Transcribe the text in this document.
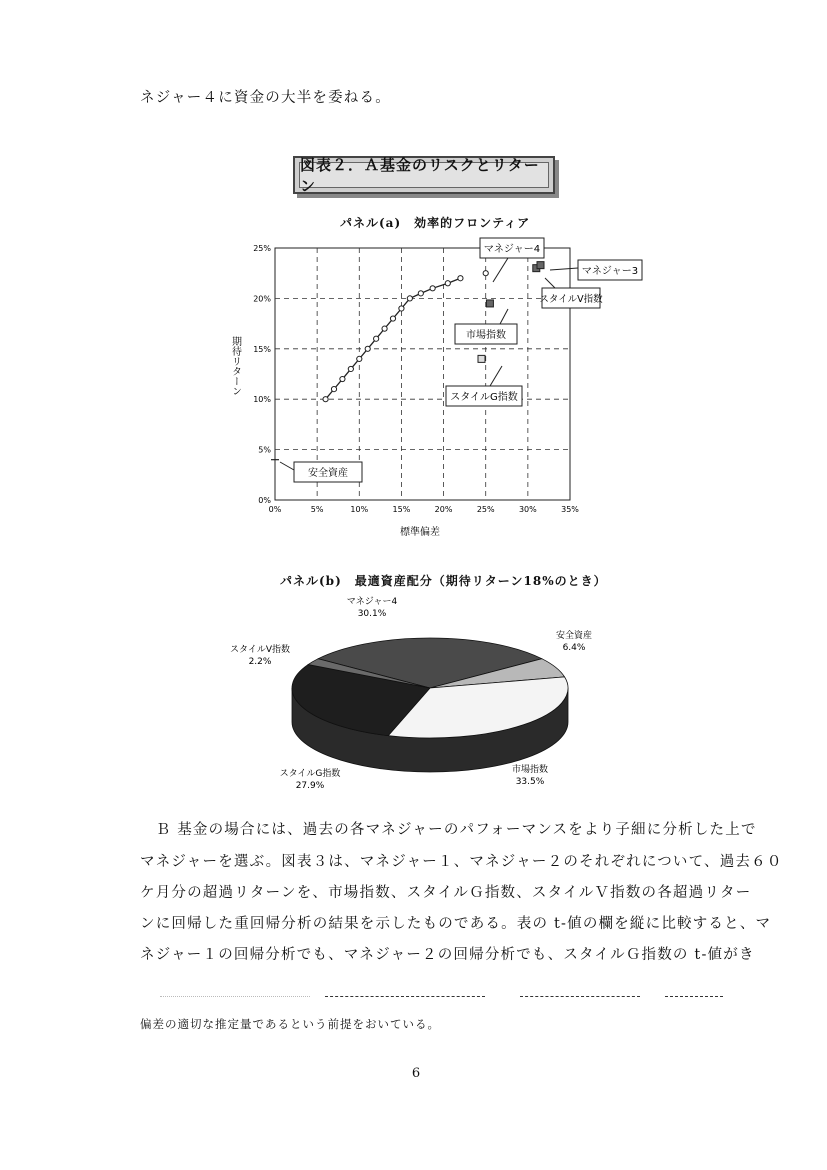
ネジャー４に資金の大半を委ねる。
図表２．Ａ基金のリスクとリターン
パネル(a)　効率的フロンティア
0%
5%
10%
15%
20%
25%
0%	5%	10%	15%	20%	25%	30%	35%
期待リターン
標準偏差
マネジャー4
マネジャー3
スタイルV指数
市場指数
スタイルG指数
安全資産
パネル(b)　最適資産配分（期待リターン18%のとき）
マネジャー4
30.1%
安全資産
6.4%
市場指数
33.5%
スタイルG指数
27.9%
スタイルV指数
2.2%
　Ｂ 基金の場合には、過去の各マネジャーのパフォーマンスをより子細に分析した上で
マネジャーを選ぶ。図表３は、マネジャー１、マネジャー２のそれぞれについて、過去６０
ケ月分の超過リターンを、市場指数、スタイルＧ指数、スタイルＶ指数の各超過リター
ンに回帰した重回帰分析の結果を示したものである。表の t-値の欄を縦に比較すると、マ
ネジャー１の回帰分析でも、マネジャー２の回帰分析でも、スタイルＧ指数の t-値がき
偏差の適切な推定量であるという前提をおいている。
6
